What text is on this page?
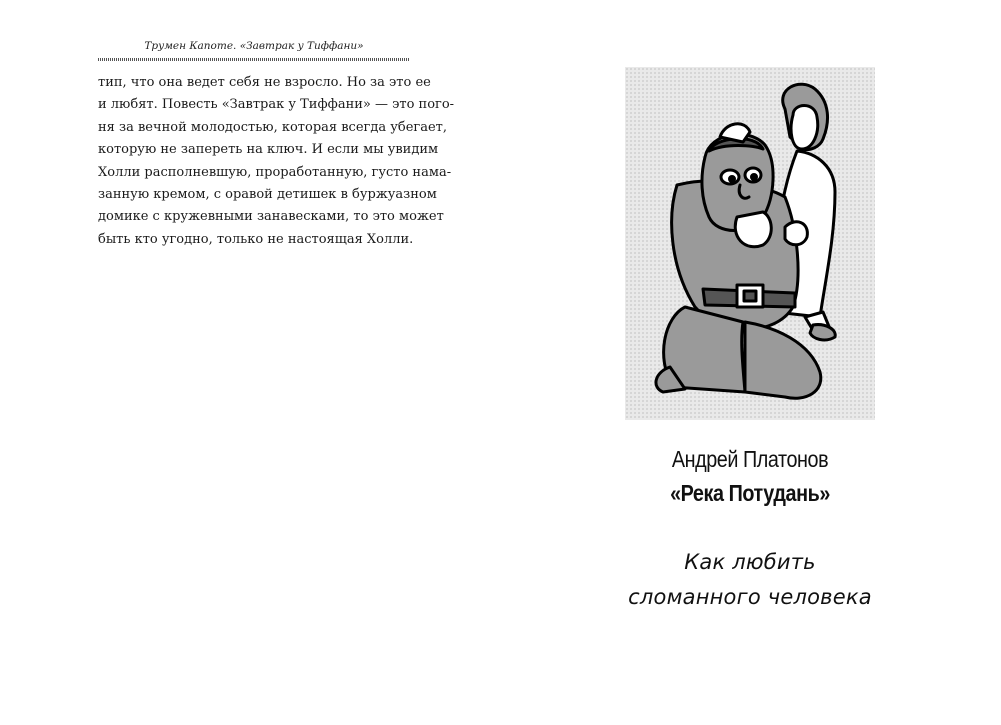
Трумен Капоте. «Завтрак у Тиффани»
тип, что она ведет себя не взросло. Но за это ее
и любят. Повесть «Завтрак у Тиффани» — это пого-
ня за вечной молодостью, которая всегда убегает,
которую не запереть на ключ. И если мы увидим
Холли располневшую, проработанную, густо нама-
занную кремом, с оравой детишек в буржуазном
домике с кружевными занавесками, то это может
быть кто угодно, только не настоящая Холли.
Андрей Платонов
«Река Потудань»
Как любить
сломанного человека
